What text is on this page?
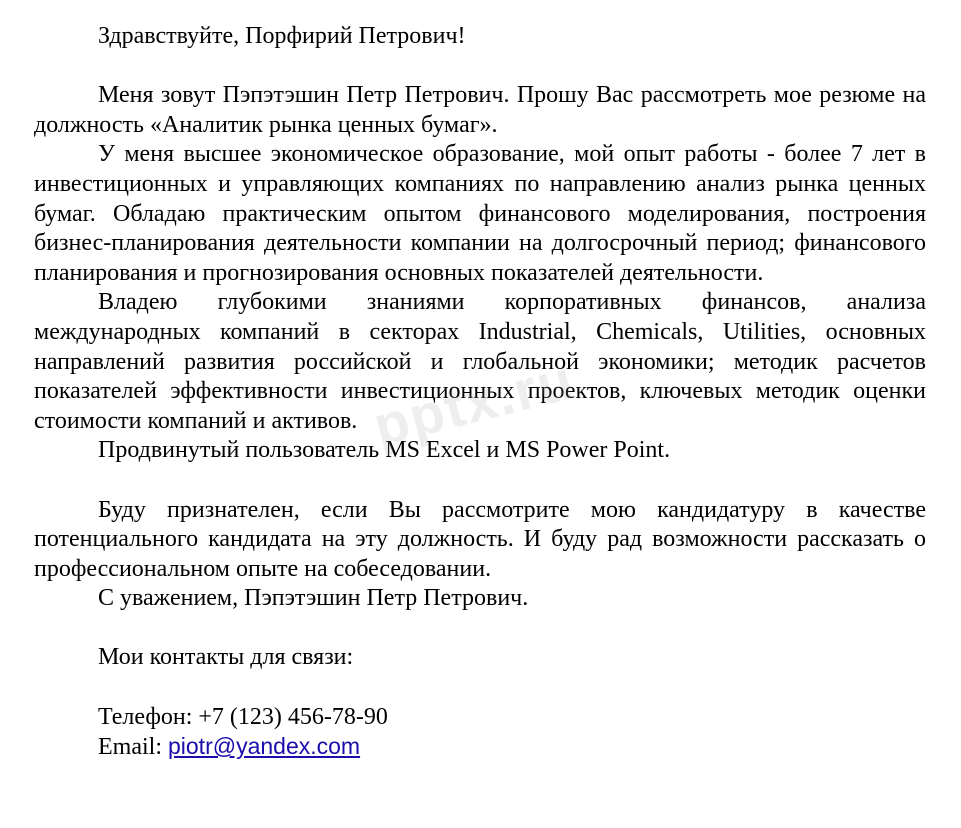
Здравствуйте, Порфирий Петрович!

Меня зовут Пэпэтэшин Петр Петрович. Прошу Вас рассмотреть мое резюме на должность «Аналитик рынка ценных бумаг».

У меня высшее экономическое образование, мой опыт работы - более 7 лет в инвестиционных и управляющих компаниях по направлению анализ рынка ценных бумаг. Обладаю практическим опытом финансового моделирования, построения бизнес-планирования деятельности компании на долгосрочный период; финансового планирования и прогнозирования основных показателей деятельности.

Владею глубокими знаниями корпоративных финансов, анализа международных компаний в секторах Industrial, Chemicals, Utilities, основных направлений развития российской и глобальной экономики; методик расчетов показателей эффективности инвестиционных проектов, ключевых методик оценки стоимости компаний и активов.

Продвинутый пользователь MS Excel и MS Power Point.

Буду признателен, если Вы рассмотрите мою кандидатуру в качестве потенциального кандидата на эту должность. И буду рад возможности рассказать о профессиональном опыте на собеседовании.

С уважением, Пэпэтэшин Петр Петрович.

Мои контакты для связи:

Телефон: +7 (123) 456-78-90

Email: piotr@yandex.com

pptx.ru
